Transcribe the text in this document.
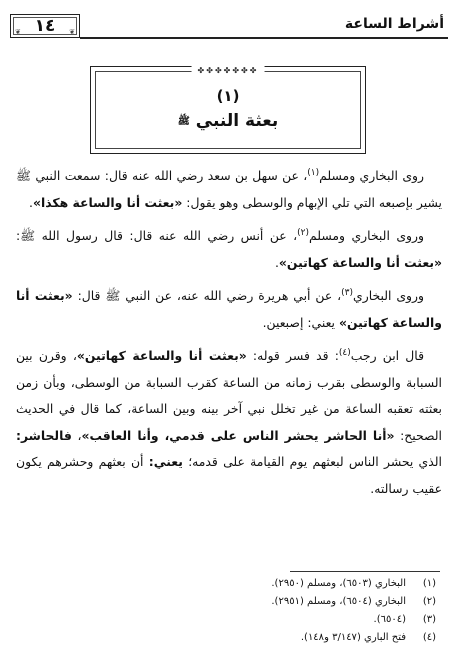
❦ ١٤ ❦	أشراط الساعة
✤✤✤✤✤✤✤
(١)
بعثة النبي ﷺ

روى البخاري ومسلم$^{(١)}$، عن سهل بن سعد رضي الله عنه قال: سمعت النبي ﷺ يشير بإصبعه التي تلي الإبهام والوسطى وهو يقول: «بعثت أنا والساعة هكذا».

وروى البخاري ومسلم$^{(٢)}$، عن أنس رضي الله عنه قال: قال رسول الله ﷺ: «بعثت أنا والساعة كهاتين».

وروى البخاري$^{(٣)}$، عن أبي هريرة رضي الله عنه، عن النبي ﷺ قال: «بعثت أنا والساعة كهاتين» يعني: إصبعين.

قال ابن رجب$^{(٤)}$: قد فسر قوله: «بعثت أنا والساعة كهاتين»، وقرن بين السبابة والوسطى بقرب زمانه من الساعة كقرب السبابة من الوسطى، وبأن زمن بعثته تعقبه الساعة من غير تخلل نبي آخر بينه وبين الساعة، كما قال في الحديث الصحيح: «أنا الحاشر يحشر الناس على قدمي، وأنا العاقب»، فالحاشر: الذي يحشر الناس لبعثهم يوم القيامة على قدمه؛ يعني: أن بعثهم وحشرهم يكون عقيب رسالته.

(١)
البخاري (٦٥٠٣)، ومسلم (٢٩٥٠).
(٢)
البخاري (٦٥٠٤)، ومسلم (٢٩٥١).
(٣)
(٦٥٠٤).
(٤)
فتح الباري (٣/١٤٧ و١٤٨).
